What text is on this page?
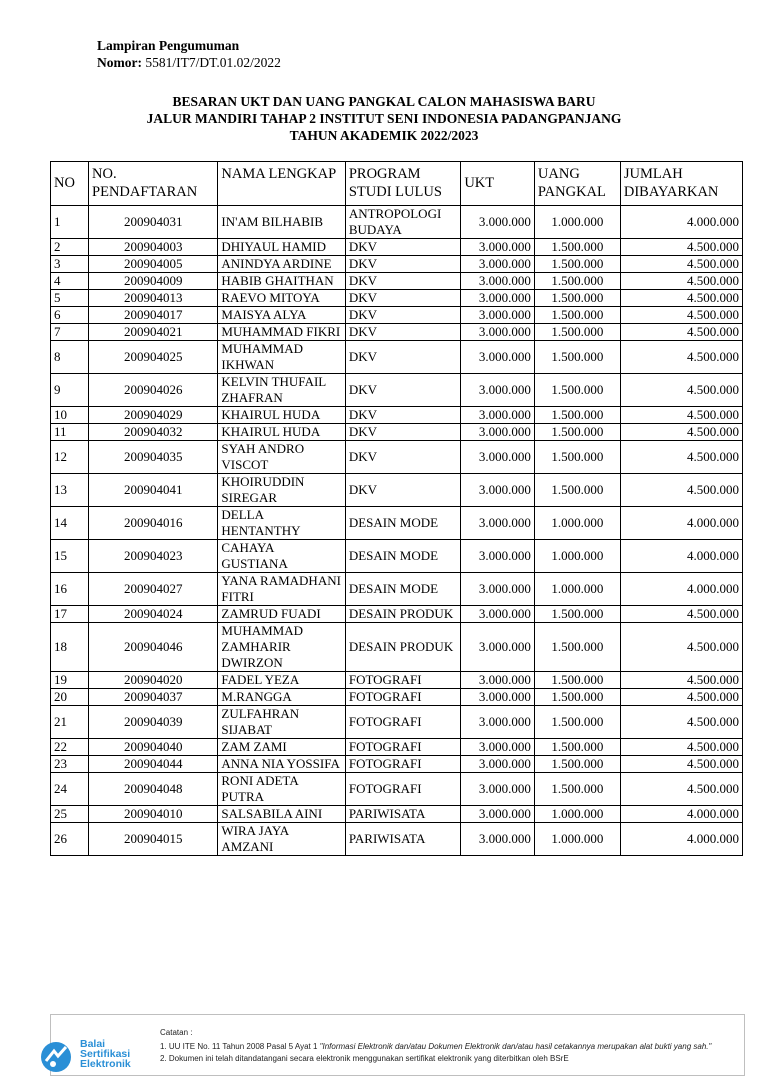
Lampiran Pengumuman
Nomor: 5581/IT7/DT.01.02/2022
BESARAN UKT DAN UANG PANGKAL CALON MAHASISWA BARU
JALUR MANDIRI TAHAP 2 INSTITUT SENI INDONESIA PADANGPANJANG
TAHUN AKADEMIK 2022/2023
NO	NO. PENDAFTARAN	NAMA LENGKAP	PROGRAM STUDI LULUS	UKT	UANG PANGKAL	JUMLAH DIBAYARKAN
1	200904031	IN'AM BILHABIB	ANTROPOLOGI BUDAYA	3.000.000	1.000.000	4.000.000
2	200904003	DHIYAUL HAMID	DKV	3.000.000	1.500.000	4.500.000
3	200904005	ANINDYA ARDINE	DKV	3.000.000	1.500.000	4.500.000
4	200904009	HABIB GHAITHAN	DKV	3.000.000	1.500.000	4.500.000
5	200904013	RAEVO MITOYA	DKV	3.000.000	1.500.000	4.500.000
6	200904017	MAISYA ALYA	DKV	3.000.000	1.500.000	4.500.000
7	200904021	MUHAMMAD FIKRI	DKV	3.000.000	1.500.000	4.500.000
8	200904025	MUHAMMAD IKHWAN	DKV	3.000.000	1.500.000	4.500.000
9	200904026	KELVIN THUFAIL ZHAFRAN	DKV	3.000.000	1.500.000	4.500.000
10	200904029	KHAIRUL HUDA	DKV	3.000.000	1.500.000	4.500.000
11	200904032	KHAIRUL HUDA	DKV	3.000.000	1.500.000	4.500.000
12	200904035	SYAH ANDRO VISCOT	DKV	3.000.000	1.500.000	4.500.000
13	200904041	KHOIRUDDIN SIREGAR	DKV	3.000.000	1.500.000	4.500.000
14	200904016	DELLA HENTANTHY	DESAIN MODE	3.000.000	1.000.000	4.000.000
15	200904023	CAHAYA GUSTIANA	DESAIN MODE	3.000.000	1.000.000	4.000.000
16	200904027	YANA RAMADHANI FITRI	DESAIN MODE	3.000.000	1.000.000	4.000.000
17	200904024	ZAMRUD FUADI	DESAIN PRODUK	3.000.000	1.500.000	4.500.000
18	200904046	MUHAMMAD ZAMHARIR DWIRZON	DESAIN PRODUK	3.000.000	1.500.000	4.500.000
19	200904020	FADEL YEZA	FOTOGRAFI	3.000.000	1.500.000	4.500.000
20	200904037	M.RANGGA	FOTOGRAFI	3.000.000	1.500.000	4.500.000
21	200904039	ZULFAHRAN SIJABAT	FOTOGRAFI	3.000.000	1.500.000	4.500.000
22	200904040	ZAM ZAMI	FOTOGRAFI	3.000.000	1.500.000	4.500.000
23	200904044	ANNA NIA YOSSIFA	FOTOGRAFI	3.000.000	1.500.000	4.500.000
24	200904048	RONI ADETA PUTRA	FOTOGRAFI	3.000.000	1.500.000	4.500.000
25	200904010	SALSABILA AINI	PARIWISATA	3.000.000	1.000.000	4.000.000
26	200904015	WIRA JAYA AMZANI	PARIWISATA	3.000.000	1.000.000	4.000.000
Balai
Sertifikasi
Elektronik
Catatan :
1. UU ITE No. 11 Tahun 2008 Pasal 5 Ayat 1 "Informasi Elektronik dan/atau Dokumen Elektronik dan/atau hasil cetakannya merupakan alat bukti yang sah."
2. Dokumen ini telah ditandatangani secara elektronik menggunakan sertifikat elektronik yang diterbitkan oleh BSrE
